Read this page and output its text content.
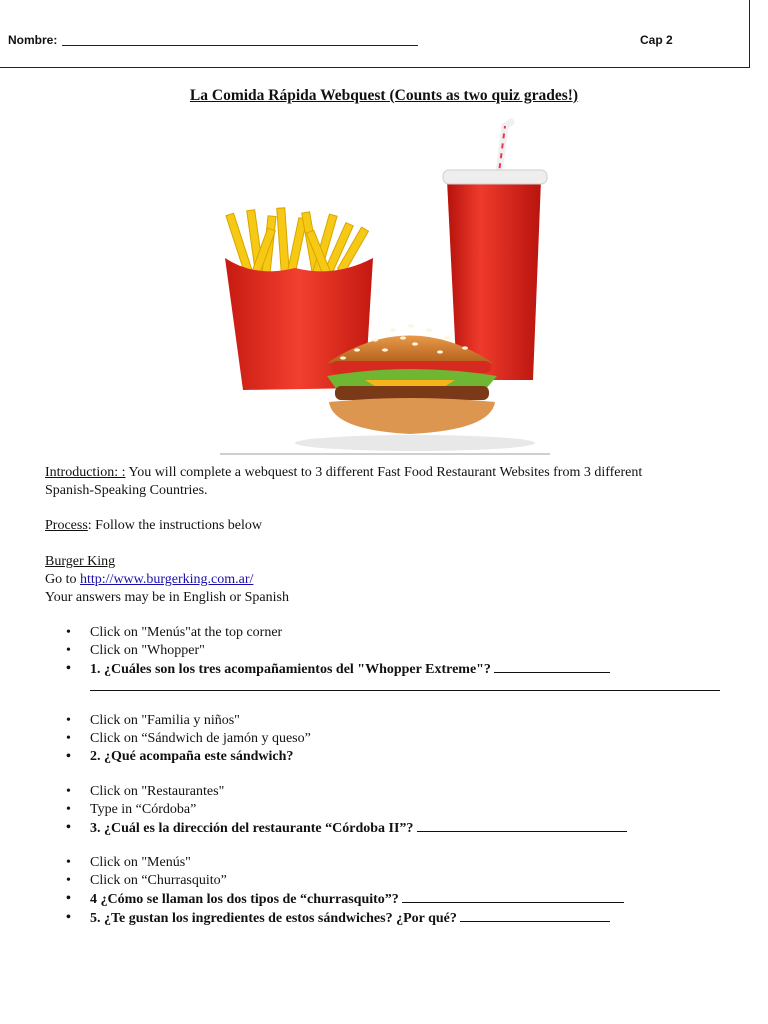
Nombre:	Cap 2
La Comida Rápida Webquest (Counts as two quiz grades!)
Introduction: : You will complete a webquest to 3 different Fast Food Restaurant Websites from 3 different
Spanish-Speaking Countries.
Process: Follow the instructions below
Burger King
Go to http://www.burgerking.com.ar/
Your answers may be in English or Spanish
• Click on "Menús"at the top corner
• Click on "Whopper"
• 1. ¿Cuáles son los tres acompañamientos del "Whopper Extreme"?
• Click on "Familia y niños"
• Click on “Sándwich de jamón y queso”
• 2. ¿Qué acompaña este sándwich?
• Click on "Restaurantes"
• Type in “Córdoba”
• 3. ¿Cuál es la dirección del restaurante “Córdoba II”?
• Click on "Menús"
• Click on “Churrasquito”
• 4 ¿Cómo se llaman los dos tipos de “churrasquito”?
• 5. ¿Te gustan los ingredientes de estos sándwiches? ¿Por qué?
